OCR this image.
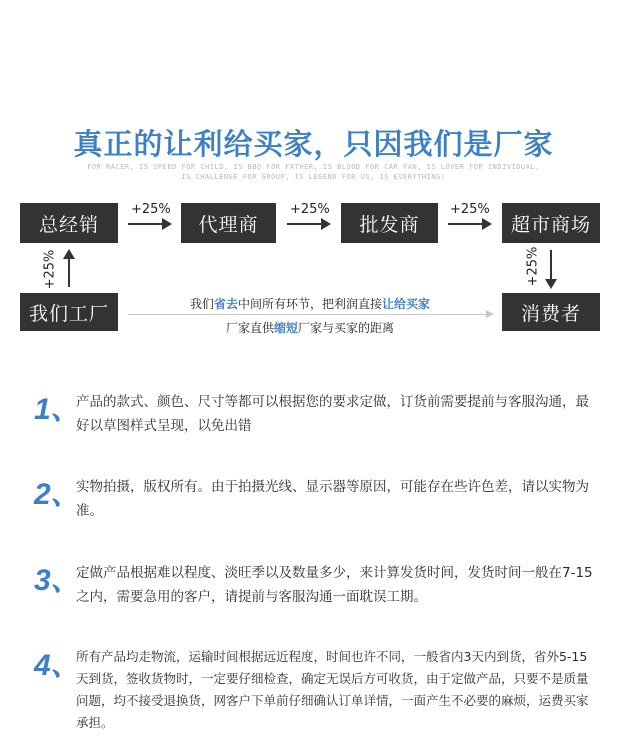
真正的让利给买家，只因我们是厂家
FOR RACER, IS SPEED FOR CHILD, IS BBQ FOR FATHER, IS BLOOD FOR CAR FAN, IS LOVER FOR INDIVIDUAL,
IS CHALLENGE FOR GROUP, IS LEGEND FOR US, IS EVERYTHING!
总经销	代理商	批发商	超市商场
我们工厂	消费者
+25%	+25%	+25%
+25%	+25%
我们省去中间所有环节，把利润直接让给买家
厂家直供缩短厂家与买家的距离
1、
产品的款式、颜色、尺寸等都可以根据您的要求定做，订货前需要提前与客服沟通，最好以草图样式呈现，以免出错
2、
实物拍摄，版权所有。由于拍摄光线、显示器等原因，可能存在些许色差，请以实物为准。
3、
定做产品根据难以程度、淡旺季以及数量多少，来计算发货时间，发货时间一般在7-15之内，需要急用的客户，请提前与客服沟通一面耽误工期。
4、
所有产品均走物流，运输时间根据远近程度，时间也许不同，一般省内3天内到货，省外5-15天到货，签收货物时，一定要仔细检查，确定无误后方可收货，由于定做产品，只要不是质量问题，均不接受退换货，网客户下单前仔细确认订单详情，一面产生不必要的麻烦，运费买家承担。
